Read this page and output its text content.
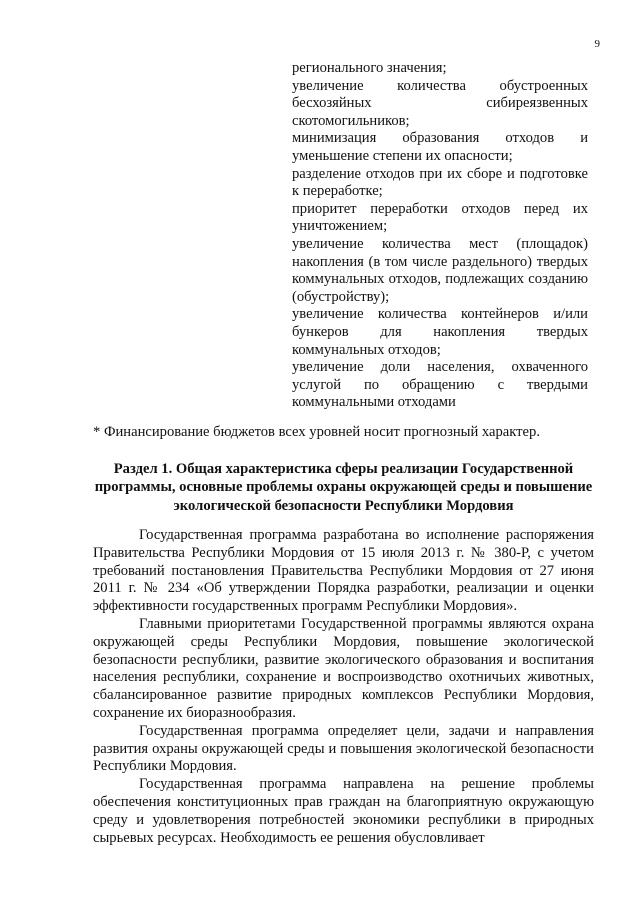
9
регионального значения;
увеличение количества обустроенных бесхозяйных сибиреязвенных скотомогильников;
минимизация образования отходов и уменьшение степени их опасности;
разделение отходов при их сборе и подготовке к переработке;
приоритет переработки отходов перед их уничтожением;
увеличение количества мест (площадок) накопления (в том числе раздельного) твердых коммунальных отходов, подлежащих созданию (обустройству);
увеличение количества контейнеров и/или бункеров для накопления твердых коммунальных отходов;
увеличение доли населения, охваченного услугой по обращению с твердыми коммунальными отходами
* Финансирование бюджетов всех уровней носит прогнозный характер.
Раздел 1. Общая характеристика сферы реализации Государственной программы, основные проблемы охраны окружающей среды и повышение экологической безопасности Республики Мордовия

Государственная программа разработана во исполнение распоряжения Правительства Республики Мордовия от 15 июля 2013 г. № 380-Р, с учетом требований постановления Правительства Республики Мордовия от 27 июня 2011 г. № 234 «Об утверждении Порядка разработки, реализации и оценки эффективности государственных программ Республики Мордовия».

Главными приоритетами Государственной программы являются охрана окружающей среды Республики Мордовия, повышение экологической безопасности республики, развитие экологического образования и воспитания населения республики, сохранение и воспроизводство охотничьих животных, сбалансированное развитие природных комплексов Республики Мордовия, сохранение их биоразнообразия.

Государственная программа определяет цели, задачи и направления развития охраны окружающей среды и повышения экологической безопасности Республики Мордовия.

Государственная программа направлена на решение проблемы обеспечения конституционных прав граждан на благоприятную окружающую среду и удовлетворения потребностей экономики республики в природных сырьевых ресурсах. Необходимость ее решения обусловливает
